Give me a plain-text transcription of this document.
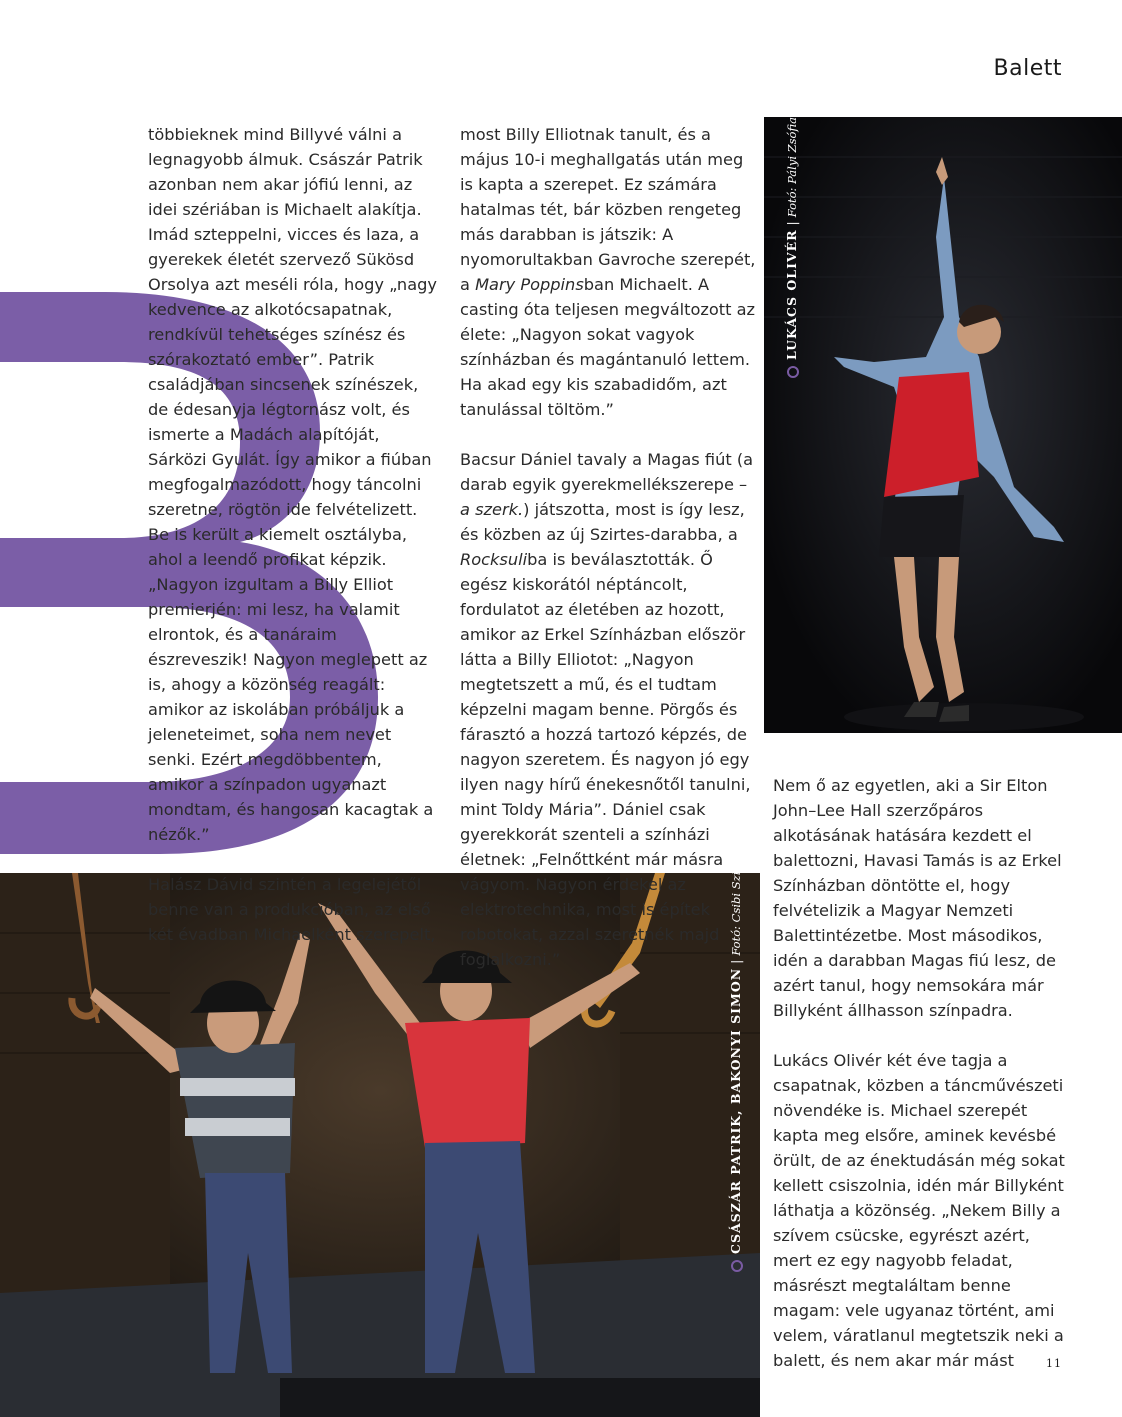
Balett

többieknek mind Billyvé válni a legnagyobb álmuk. Császár Patrik azonban nem akar jófiú lenni, az idei szériában is Michaelt alakítja. Imád szteppelni, vicces és laza, a gyerekek életét szervező Sükösd Orsolya azt meséli róla, hogy „nagy kedvence az alkotócsapatnak, rendkívül tehetséges színész és szórakoztató ember”. Patrik családjában sincsenek színészek, de édesanyja légtornász volt, és ismerte a Madách alapítóját, Sárközi Gyulát. Így amikor a fiúban megfogalmazódott, hogy táncolni szeretne, rögtön ide felvételizett. Be is került a kiemelt osztályba, ahol a leendő profikat képzik. „Nagyon izgultam a Billy Elliot premierjén: mi lesz, ha valamit elrontok, és a tanáraim észreveszik! Nagyon meglepett az is, ahogy a közönség reagált: amikor az iskolában próbáljuk a jeleneteimet, soha nem nevet senki. Ezért megdöbbentem, amikor a színpadon ugyanazt mondtam, és hangosan kacagtak a nézők.”

Halász Dávid szintén a legelejétől benne van a produkcióban, az első két évadban Michaelként szerepelt,

most Billy Elliotnak tanult, és a május 10-i meghallgatás után meg is kapta a szerepet. Ez számára hatalmas tét, bár közben rengeteg más darabban is játszik: A nyomorultakban Gavroche szerepét, a Mary Poppinsban Michaelt. A casting óta teljesen megváltozott az élete: „Nagyon sokat vagyok színházban és magántanuló lettem. Ha akad egy kis szabadidőm, azt tanulással töltöm.”

Bacsur Dániel tavaly a Magas fiút (a darab egyik gyerekmellékszerepe – a szerk.) játszotta, most is így lesz, és közben az új Szirtes-darabba, a Rocksuliba is beválasztották. Ő egész kiskorától néptáncolt, fordulatot az életében az hozott, amikor az Erkel Színházban először látta a Billy Elliotot: „Nagyon megtetszett a mű, és el tudtam képzelni magam benne. Pörgős és fárasztó a hozzá tartozó képzés, de nagyon szeretem. És nagyon jó egy ilyen nagy hírű énekesnőtől tanulni, mint Toldy Mária”. Dániel csak gyerekkorát szenteli a színházi életnek: „Felnőttként már másra vágyom. Nagyon érdekel az elektrotechnika, most is építek robotokat, azzal szeretnék majd foglalkozni.”

Nem ő az egyetlen, aki a Sir Elton John–Lee Hall szerzőpáros alkotásának hatására kezdett el balettozni, Havasi Tamás is az Erkel Színházban döntötte el, hogy felvételizik a Magyar Nemzeti Balettintézetbe. Most másodikos, idén a darabban Magas fiú lesz, de azért tanul, hogy nemsokára már Billyként állhasson színpadra.

Lukács Olivér két éve tagja a csapatnak, közben a táncművészeti növendéke is. Michael szerepét kapta meg elsőre, aminek kevésbé örült, de az énektudásán még sokat kellett csiszolnia, idén már Billyként láthatja a közönség. „Nekem Billy a szívem csücske, egyrészt azért, mert ez egy nagyobb feladat, másrészt megtaláltam benne magam: vele ugyanaz történt, ami velem, váratlanul megtetszik neki a balett, és nem akar már mást

LUKÁCS OLIVÉR | Fotó: Pályi Zsófia
CSÁSZÁR PATRIK, BAKONYI SIMON | Fotó: Csibi Szilvia
11
